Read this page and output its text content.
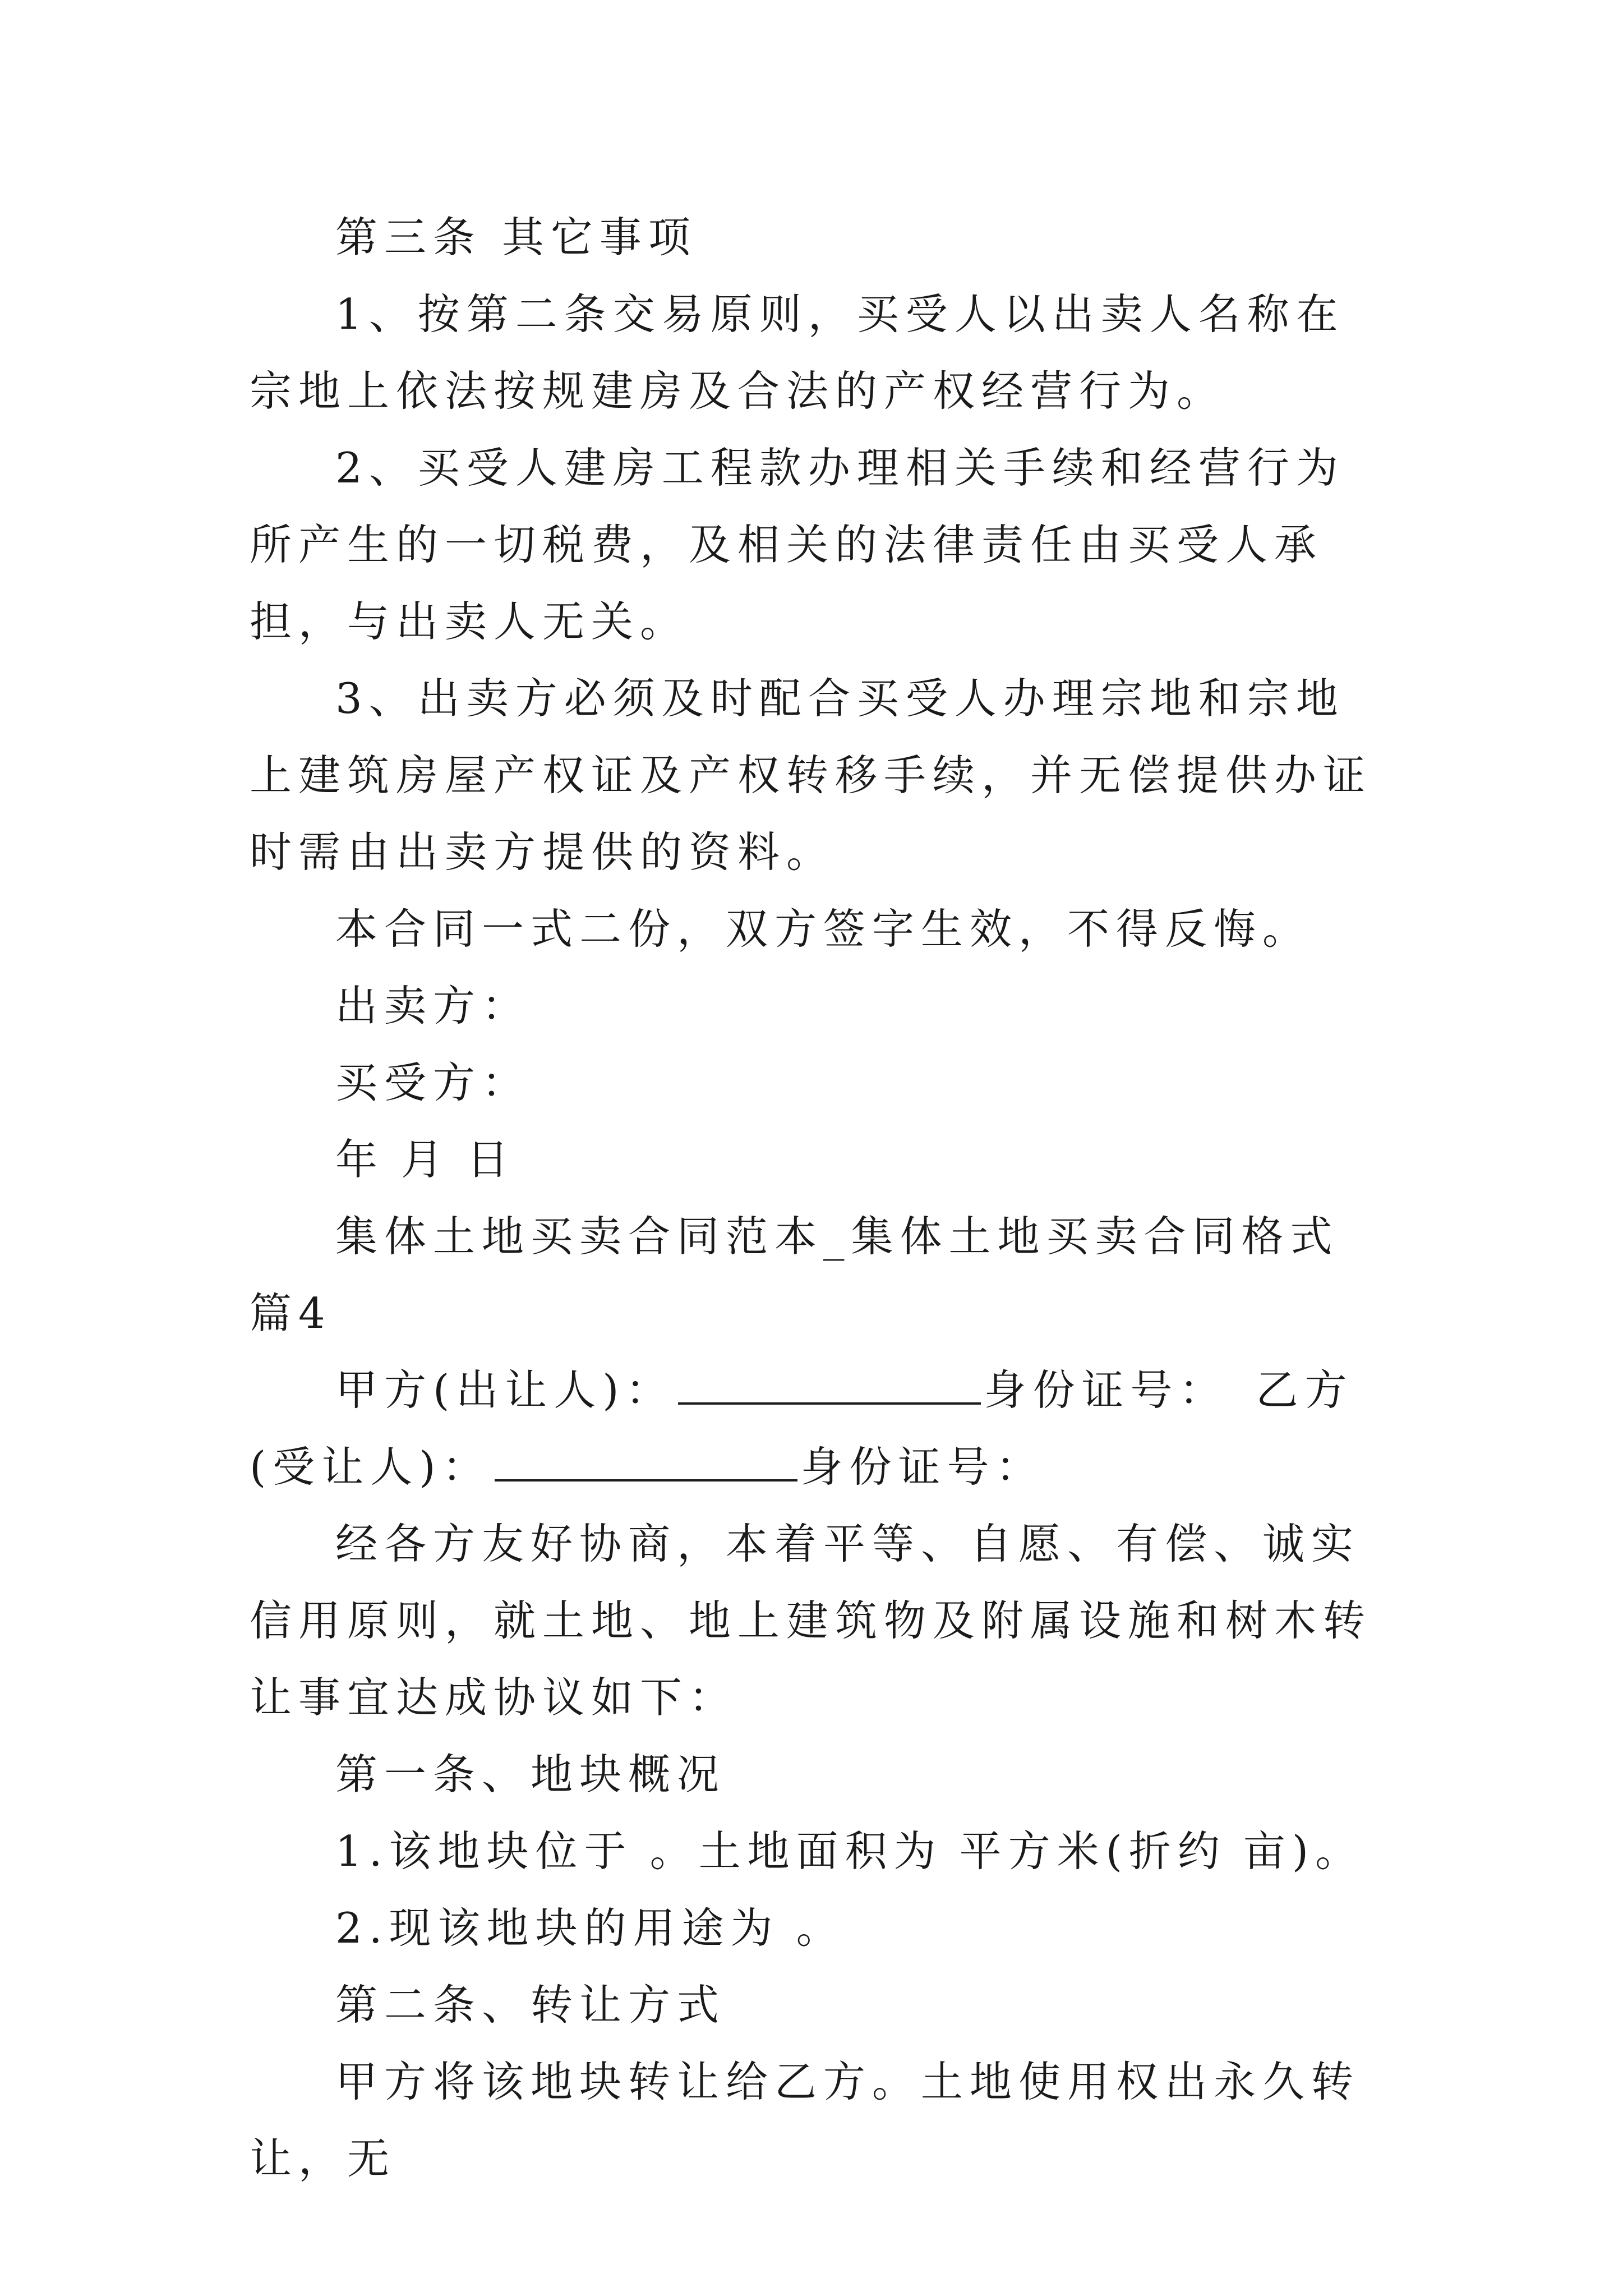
第三条 其它事项

1、按第二条交易原则，买受人以出卖人名称在宗地上依法按规建房及合法的产权经营行为。

2、买受人建房工程款办理相关手续和经营行为所产生的一切税费，及相关的法律责任由买受人承担，与出卖人无关。

3、出卖方必须及时配合买受人办理宗地和宗地上建筑房屋产权证及产权转移手续，并无偿提供办证时需由出卖方提供的资料。

本合同一式二份，双方签字生效，不得反悔。

出卖方：

买受方：

年 月 日

集体土地买卖合同范本_集体土地买卖合同格式 篇4

甲方(出让人)：	身份证号： 乙方(受让人)：	身份证号：

经各方友好协商，本着平等、自愿、有偿、诚实信用原则，就土地、地上建筑物及附属设施和树木转让事宜达成协议如下：

第一条、地块概况

1.该地块位于 。土地面积为 平方米(折约 亩)。

2.现该地块的用途为 。

第二条、转让方式

甲方将该地块转让给乙方。土地使用权出永久转让，无
